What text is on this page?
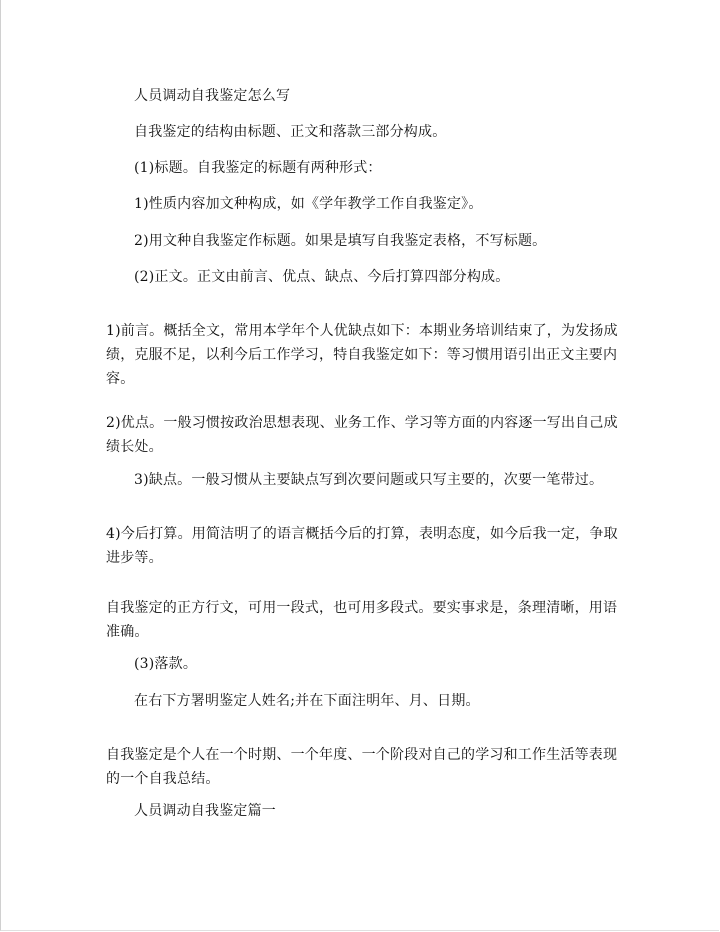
人员调动自我鉴定怎么写

自我鉴定的结构由标题、正文和落款三部分构成。

(1)标题。自我鉴定的标题有两种形式：

1)性质内容加文种构成，如《学年教学工作自我鉴定》。

2)用文种自我鉴定作标题。如果是填写自我鉴定表格，不写标题。

(2)正文。正文由前言、优点、缺点、今后打算四部分构成。

1)前言。概括全文，常用本学年个人优缺点如下：本期业务培训结束了，为发扬成绩，克服不足，以利今后工作学习，特自我鉴定如下：等习惯用语引出正文主要内容。

2)优点。一般习惯按政治思想表现、业务工作、学习等方面的内容逐一写出自己成绩长处。

3)缺点。一般习惯从主要缺点写到次要问题或只写主要的，次要一笔带过。

4)今后打算。用简洁明了的语言概括今后的打算，表明态度，如今后我一定，争取进步等。

自我鉴定的正方行文，可用一段式，也可用多段式。要实事求是，条理清晰，用语准确。

(3)落款。

在右下方署明鉴定人姓名;并在下面注明年、月、日期。

自我鉴定是个人在一个时期、一个年度、一个阶段对自己的学习和工作生活等表现的一个自我总结。

人员调动自我鉴定篇一
